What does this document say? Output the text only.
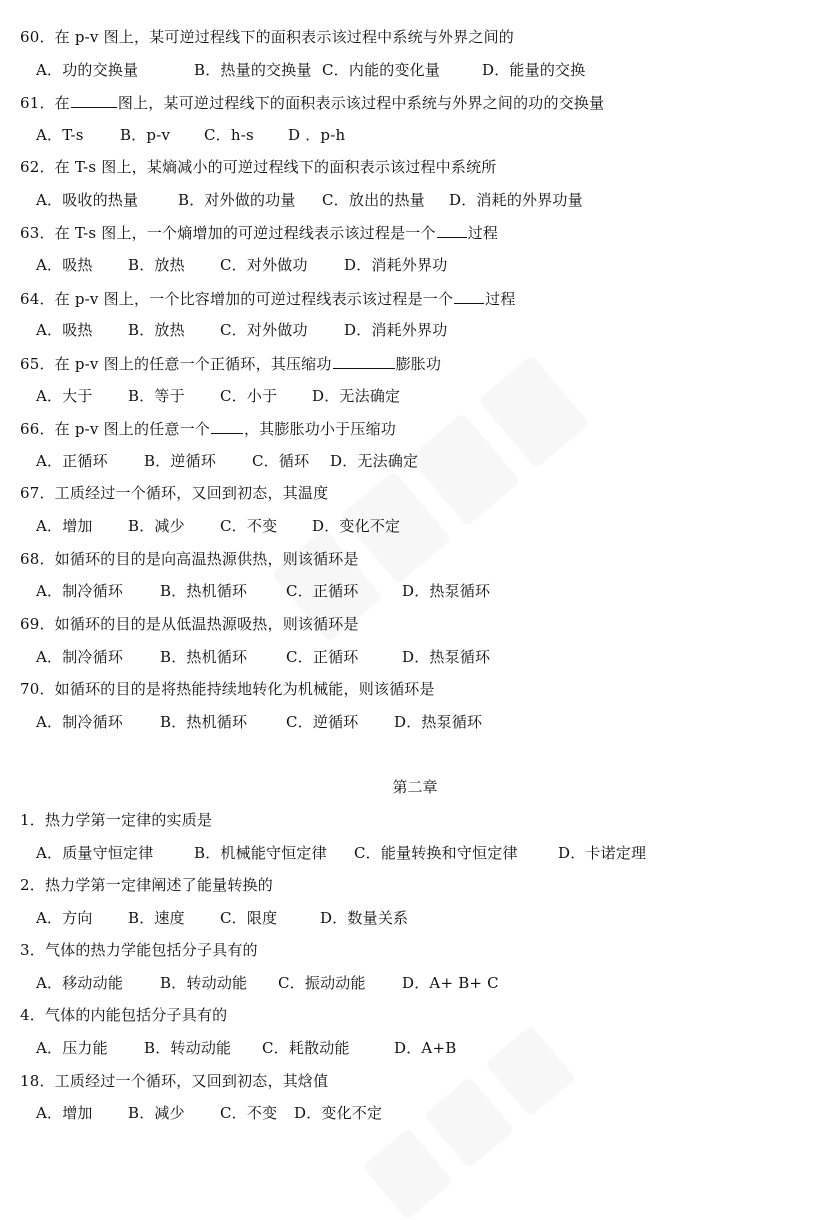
60．在 p-v 图上，某可逆过程线下的面积表示该过程中系统与外界之间的
A．功的交换量	B．热量的交换量 C．内能的变化量	D．能量的交换
61．在	图上，某可逆过程线下的面积表示该过程中系统与外界之间的功的交换量
A．T-s B．p-v C．h-s D ．p-h
62．在 T-s 图上，某熵减小的可逆过程线下的面积表示该过程中系统所
A．吸收的热量	B．对外做的功量 C．放出的热量 D．消耗的外界功量
63．在 T-s 图上，一个熵增加的可逆过程线表示该过程是一个 过程
A．吸热 B．放热 C．对外做功 D．消耗外界功
64．在 p-v 图上，一个比容增加的可逆过程线表示该过程是一个 过程
A．吸热 B．放热 C．对外做功 D．消耗外界功
65．在 p-v 图上的任意一个正循环，其压缩功	膨胀功
A．大于 B．等于 C．小于 D．无法确定
66．在 p-v 图上的任意一个 ，其膨胀功小于压缩功
A．正循环 B．逆循环 C．循环 D．无法确定
67．工质经过一个循环，又回到初态，其温度
A．增加 B．减少 C．不变 D．变化不定
68．如循环的目的是向高温热源供热，则该循环是
A．制冷循环 B．热机循环	C．正循环	D．热泵循环
69．如循环的目的是从低温热源吸热，则该循环是
A．制冷循环 B．热机循环	C．正循环	D．热泵循环
70．如循环的目的是将热能持续地转化为机械能，则该循环是
A．制冷循环 B．热机循环	C．逆循环 D．热泵循环
第二章
1．热力学第一定律的实质是
A．质量守恒定律	B．机械能守恒定律 C．能量转换和守恒定律	D．卡诺定理
2．热力学第一定律阐述了能量转换的
A．方向 B．速度 C．限度	D．数量关系
3．气体的热力学能包括分子具有的
A．移动动能 B．转动动能 C．振动动能 D．A+ B+ C
4．气体的内能包括分子具有的
A．压力能 B．转动动能 C．耗散动能	D．A+B
18．工质经过一个循环，又回到初态，其焓值
A．增加 B．减少 C．不变 D．变化不定
